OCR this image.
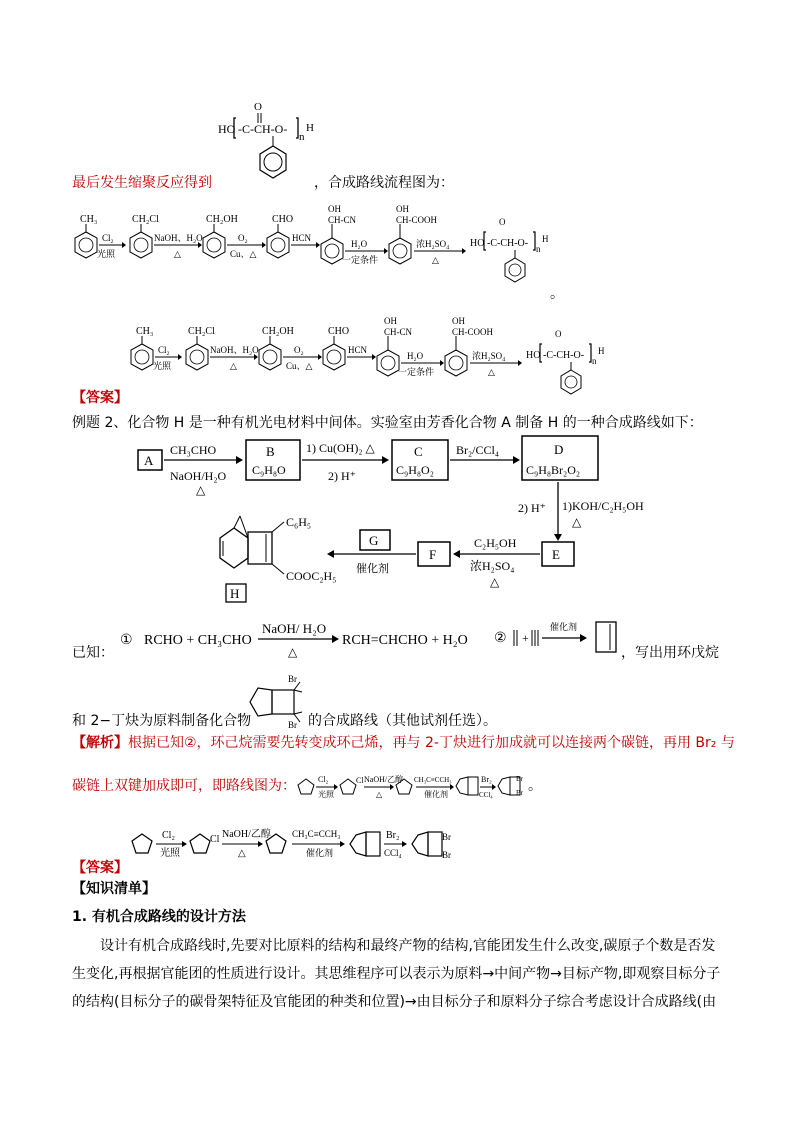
HO -C-CH-O-
O
n
H
最后发生缩聚反应得到	，合成路线流程图为：
CH₃
Cl₂
光照
CH₂Cl
NaOH、H₂O
△
CH₂OH
O₂
Cu、△
CHO
HCN
OH
CH-CN
H₂O
一定条件
OH
CH-COOH
浓H₂SO₄
△
HO -C-CH-O-
O
n
H
。
CH₃
Cl₂
光照
CH₂Cl
NaOH、H₂O
△
CH₂OH
O₂
Cu、△
CHO
HCN
OH
CH-CN
H₂O
一定条件
OH
CH-COOH
浓H₂SO₄
△
HO -C-CH-O-
O
n
H
【答案】
例题 2、化合物 H 是一种有机光电材料中间体。实验室由芳香化合物 A 制备 H 的一种合成路线如下：
A
CH₃CHO
NaOH/H₂O
△
B
C₉H₈O
1) Cu(OH)₂ △
2) H⁺
C
C₉H₈O₂
Br₂/CCl₄	D
C₉H₈Br₂O₂
2) H⁺ 1)KOH/C₂H₅OH
△
E
C₂H₅OH
浓H₂SO₄
△
F
催化剂
G
C₆H₅
COOC₂H₅
H
已知：
① RCHO + CH₃CHO
NaOH/ H₂O
△
RCH=CHCHO + H₂O ② +
催化剂
，写出用环戊烷
和 2−丁炔为原料制备化合物
Br
Br 的合成路线（其他试剂任选）。
【解析】根据已知②，环己烷需要先转变成环己烯，再与 2-丁炔进行加成就可以连接两个碳链，再用 Br₂ 与
碳链上双键加成即可，即路线图为：	Cl₂
光照
Cl NaOH/乙醇
△
CH₃C≡CCH₃
催化剂
Br₂
CCl₄
Br
Br 。
Cl₂
光照
Cl NaOH/乙醇
△
CH₃C≡CCH₃
催化剂
Br₂
CCl₄
Br
Br
【答案】
【知识清单】
1. 有机合成路线的设计方法
设计有机合成路线时,先要对比原料的结构和最终产物的结构,官能团发生什么改变,碳原子个数是否发生变化,再根据官能团的性质进行设计。其思维程序可以表示为原料→中间产物→目标产物,即观察目标分子的结构(目标分子的碳骨架特征及官能团的种类和位置)→由目标分子和原料分子综合考虑设计合成路线(由
